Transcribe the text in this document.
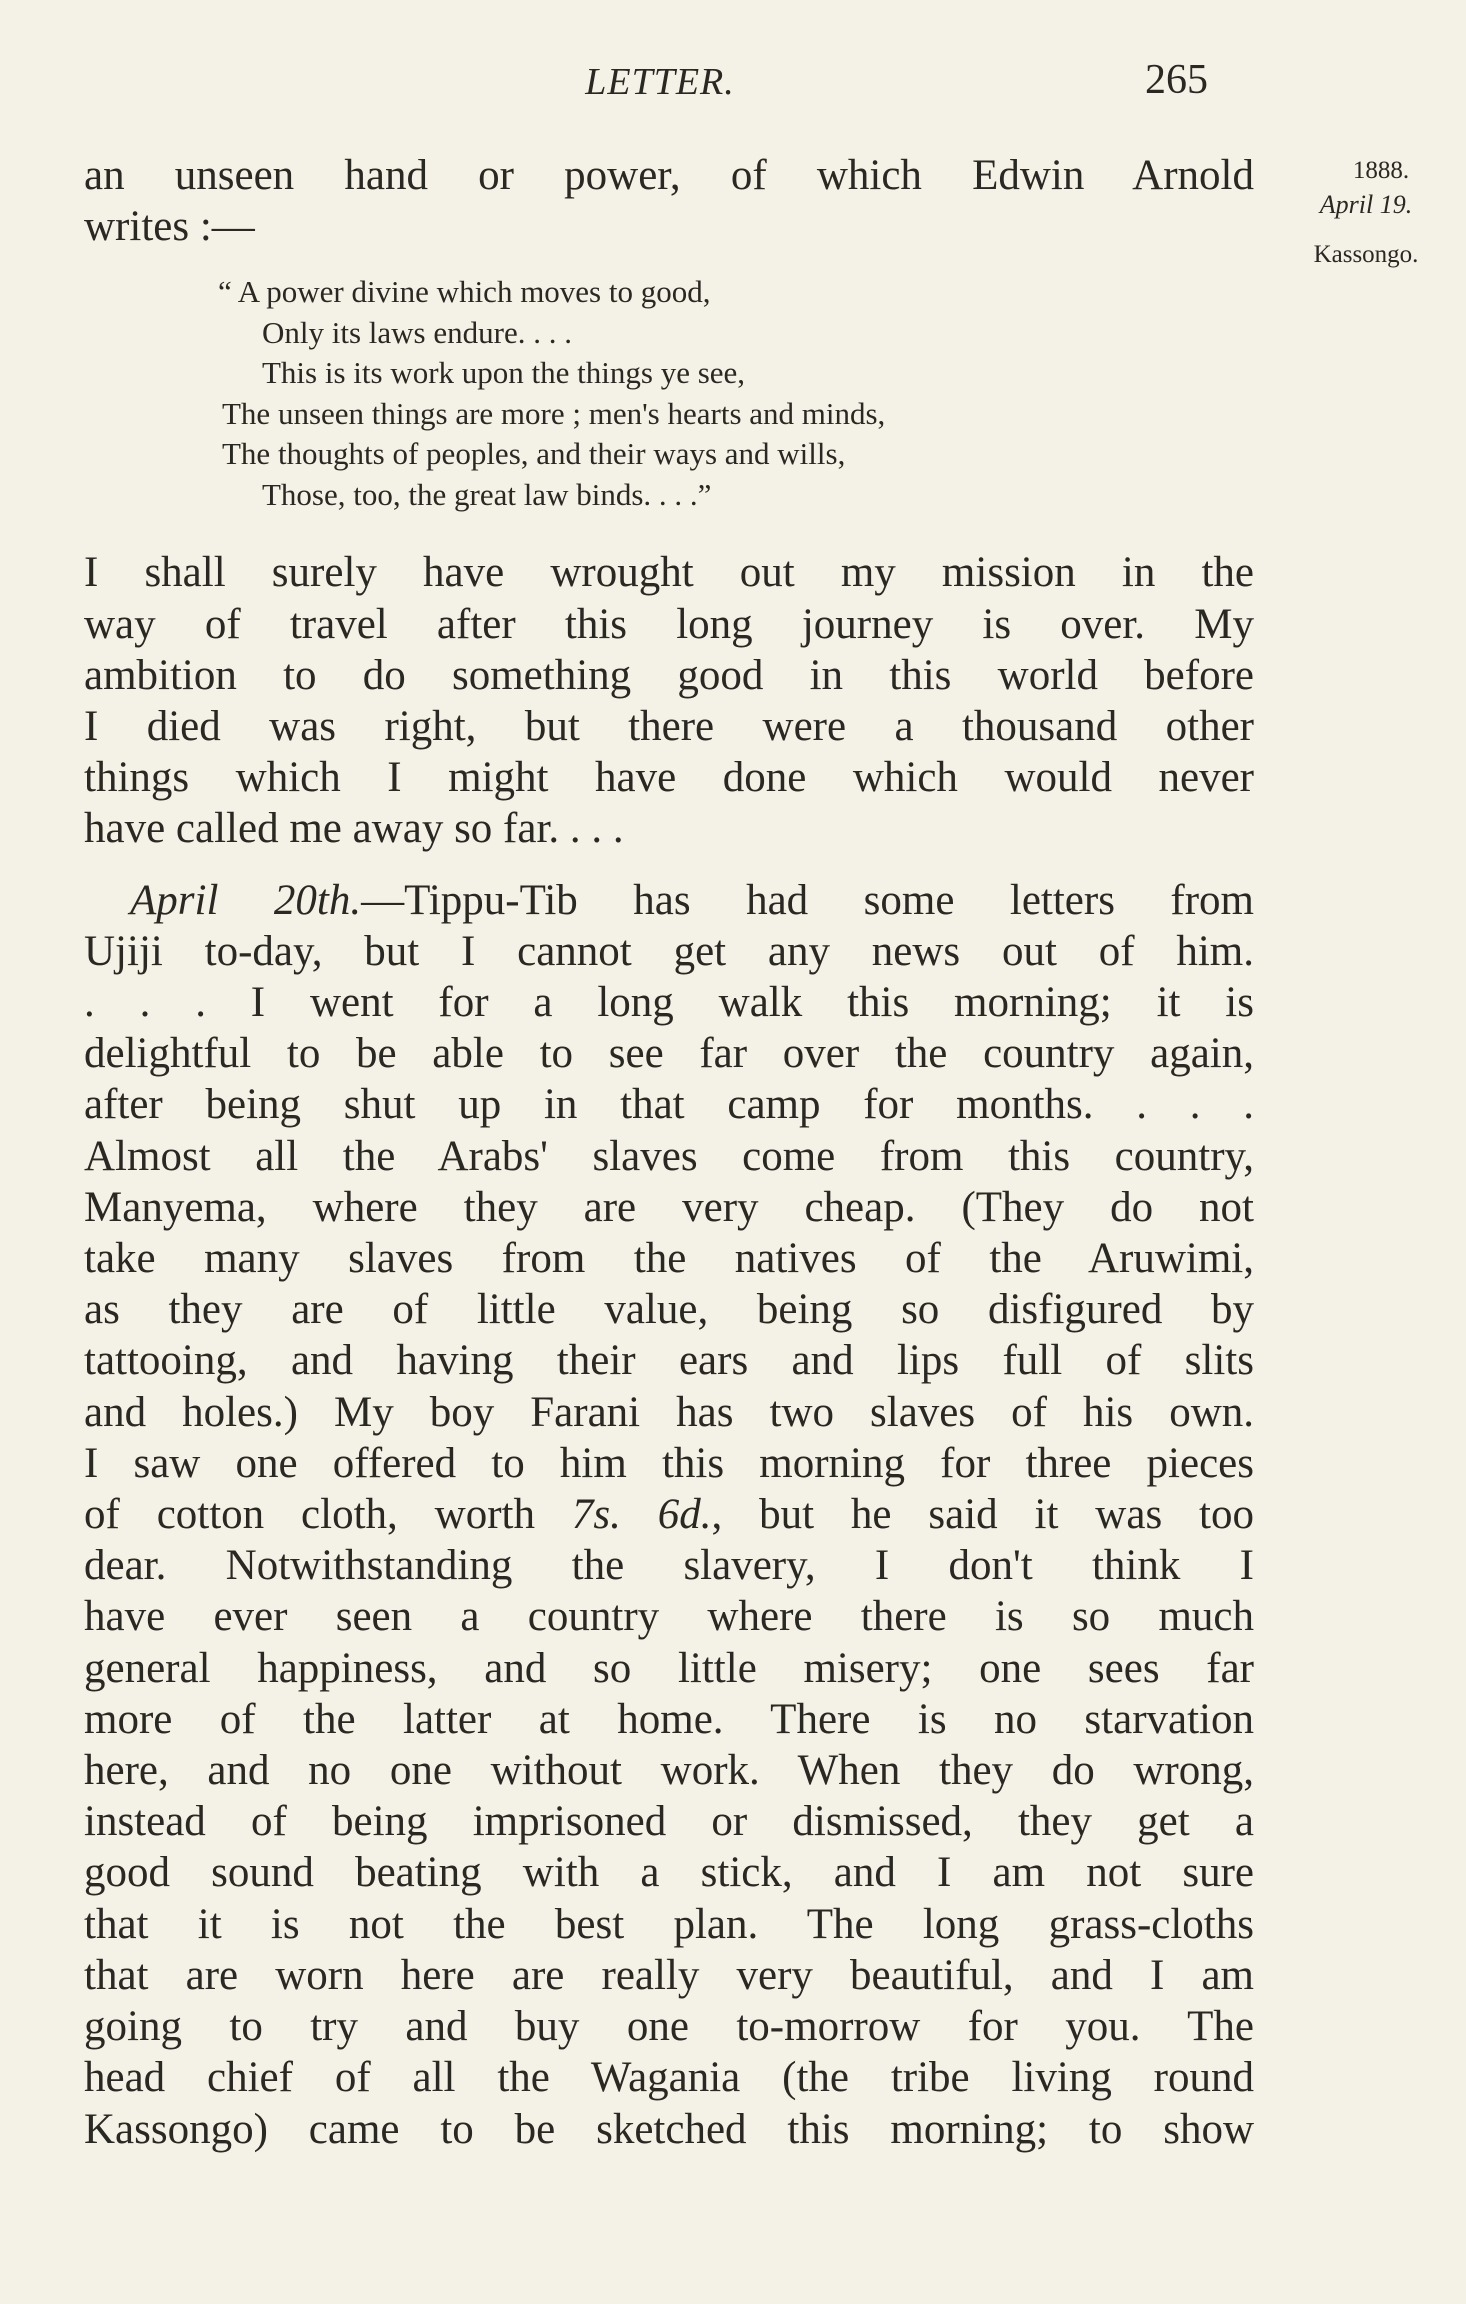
LETTER.	265
1888.
April 19.
Kassongo.
an unseen hand or power, of which Edwin Arnold
writes :—
“ A power divine which moves to good,
Only its laws endure. . . .
This is its work upon the things ye see,
The unseen things are more ; men's hearts and minds,
The thoughts of peoples, and their ways and wills,
Those, too, the great law binds. . . .”
I shall surely have wrought out my mission in the
way of travel after this long journey is over. My
ambition to do something good in this world before
I died was right, but there were a thousand other
things which I might have done which would never
have called me away so far. . . .
April 20th.—Tippu-Tib has had some letters from
Ujiji to-day, but I cannot get any news out of him.
. . . I went for a long walk this morning; it is
delightful to be able to see far over the country again,
after being shut up in that camp for months. . . .
Almost all the Arabs' slaves come from this country,
Manyema, where they are very cheap. (They do not
take many slaves from the natives of the Aruwimi,
as they are of little value, being so disfigured by
tattooing, and having their ears and lips full of slits
and holes.) My boy Farani has two slaves of his own.
I saw one offered to him this morning for three pieces
of cotton cloth, worth 7s. 6d., but he said it was too
dear. Notwithstanding the slavery, I don't think I
have ever seen a country where there is so much
general happiness, and so little misery; one sees far
more of the latter at home. There is no starvation
here, and no one without work. When they do wrong,
instead of being imprisoned or dismissed, they get a
good sound beating with a stick, and I am not sure
that it is not the best plan. The long grass-cloths
that are worn here are really very beautiful, and I am
going to try and buy one to-morrow for you. The
head chief of all the Wagania (the tribe living round
Kassongo) came to be sketched this morning; to show
